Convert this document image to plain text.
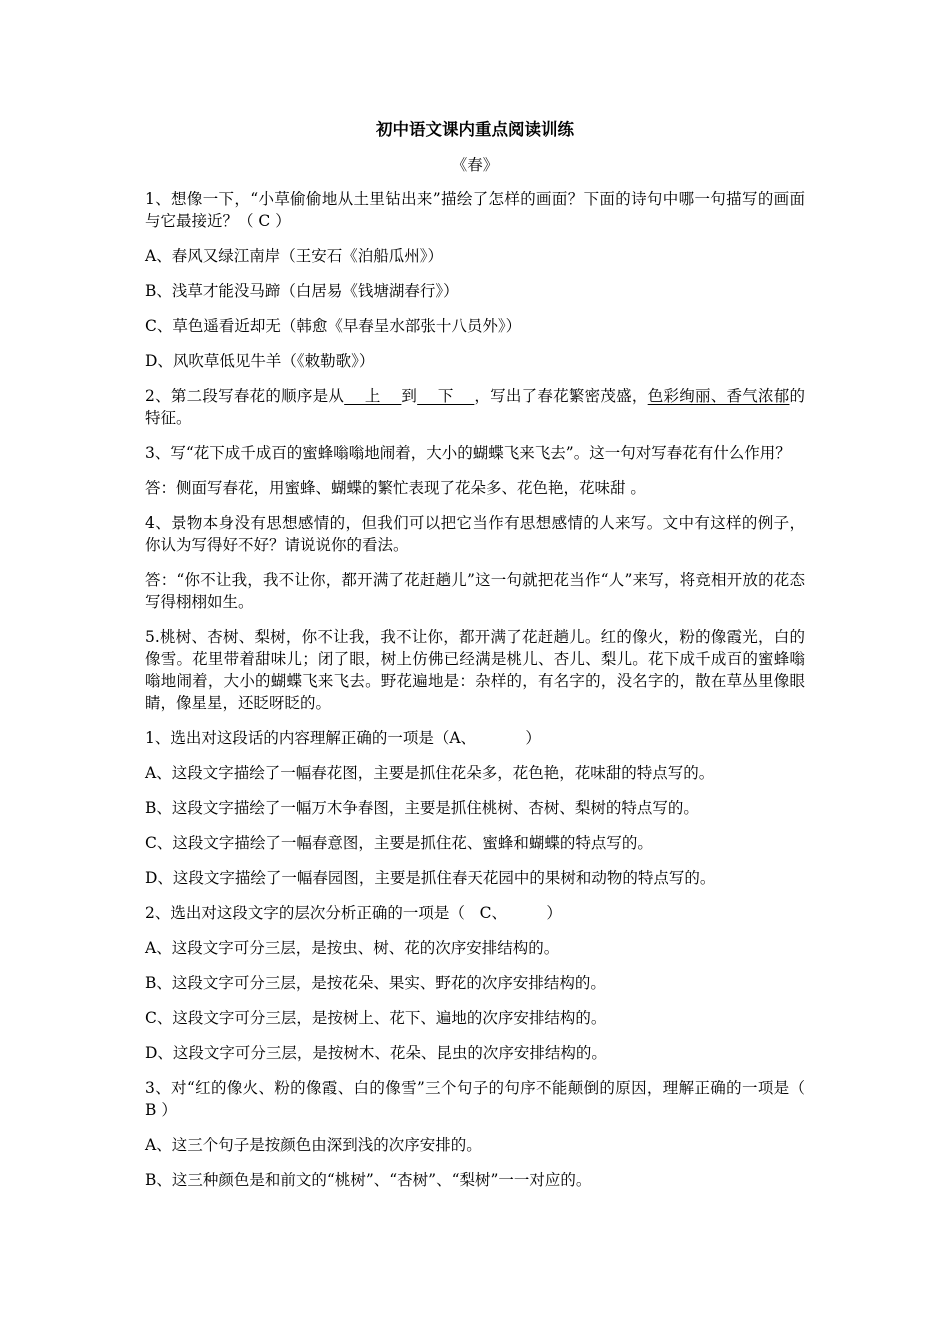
初中语文课内重点阅读训练
《春》

1、想像一下，“小草偷偷地从土里钻出来”描绘了怎样的画面？下面的诗句中哪一句描写的画面与它最接近？（ C ）

A、春风又绿江南岸（王安石《泊船瓜州》）

B、浅草才能没马蹄（白居易《钱塘湖春行》）

C、草色遥看近却无（韩愈《早春呈水部张十八员外》）

D、风吹草低见牛羊（《敕勒歌》）

2、第二段写春花的顺序是从    上    到    下    ，写出了春花繁密茂盛，色彩绚丽、香气浓郁的特征。

3、写“花下成千成百的蜜蜂嗡嗡地闹着，大小的蝴蝶飞来飞去”。这一句对写春花有什么作用？

答：侧面写春花，用蜜蜂、蝴蝶的繁忙表现了花朵多、花色艳，花味甜 。

4、景物本身没有思想感情的，但我们可以把它当作有思想感情的人来写。文中有这样的例子，你认为写得好不好？请说说你的看法。

答：“你不让我，我不让你，都开满了花赶趟儿”这一句就把花当作“人”来写，将竞相开放的花态写得栩栩如生。

5.桃树、杏树、梨树，你不让我，我不让你，都开满了花赶趟儿。红的像火，粉的像霞光，白的像雪。花里带着甜味儿；闭了眼，树上仿佛已经满是桃儿、杏儿、梨儿。花下成千成百的蜜蜂嗡嗡地闹着，大小的蝴蝶飞来飞去。野花遍地是：杂样的，有名字的，没名字的，散在草丛里像眼睛，像星星，还眨呀眨的。

1、选出对这段话的内容理解正确的一项是（A、          ）

A、这段文字描绘了一幅春花图，主要是抓住花朵多，花色艳，花味甜的特点写的。

B、这段文字描绘了一幅万木争春图，主要是抓住桃树、杏树、梨树的特点写的。

C、这段文字描绘了一幅春意图，主要是抓住花、蜜蜂和蝴蝶的特点写的。

D、这段文字描绘了一幅春园图，主要是抓住春天花园中的果树和动物的特点写的。

2、选出对这段文字的层次分析正确的一项是（   C、        ）

A、这段文字可分三层，是按虫、树、花的次序安排结构的。

B、这段文字可分三层，是按花朵、果实、野花的次序安排结构的。

C、这段文字可分三层，是按树上、花下、遍地的次序安排结构的。

D、这段文字可分三层，是按树木、花朵、昆虫的次序安排结构的。

3、对“红的像火、粉的像霞、白的像雪”三个句子的句序不能颠倒的原因，理解正确的一项是（ B ）

A、这三个句子是按颜色由深到浅的次序安排的。

B、这三种颜色是和前文的“桃树”、“杏树”、“梨树”一一对应的。
